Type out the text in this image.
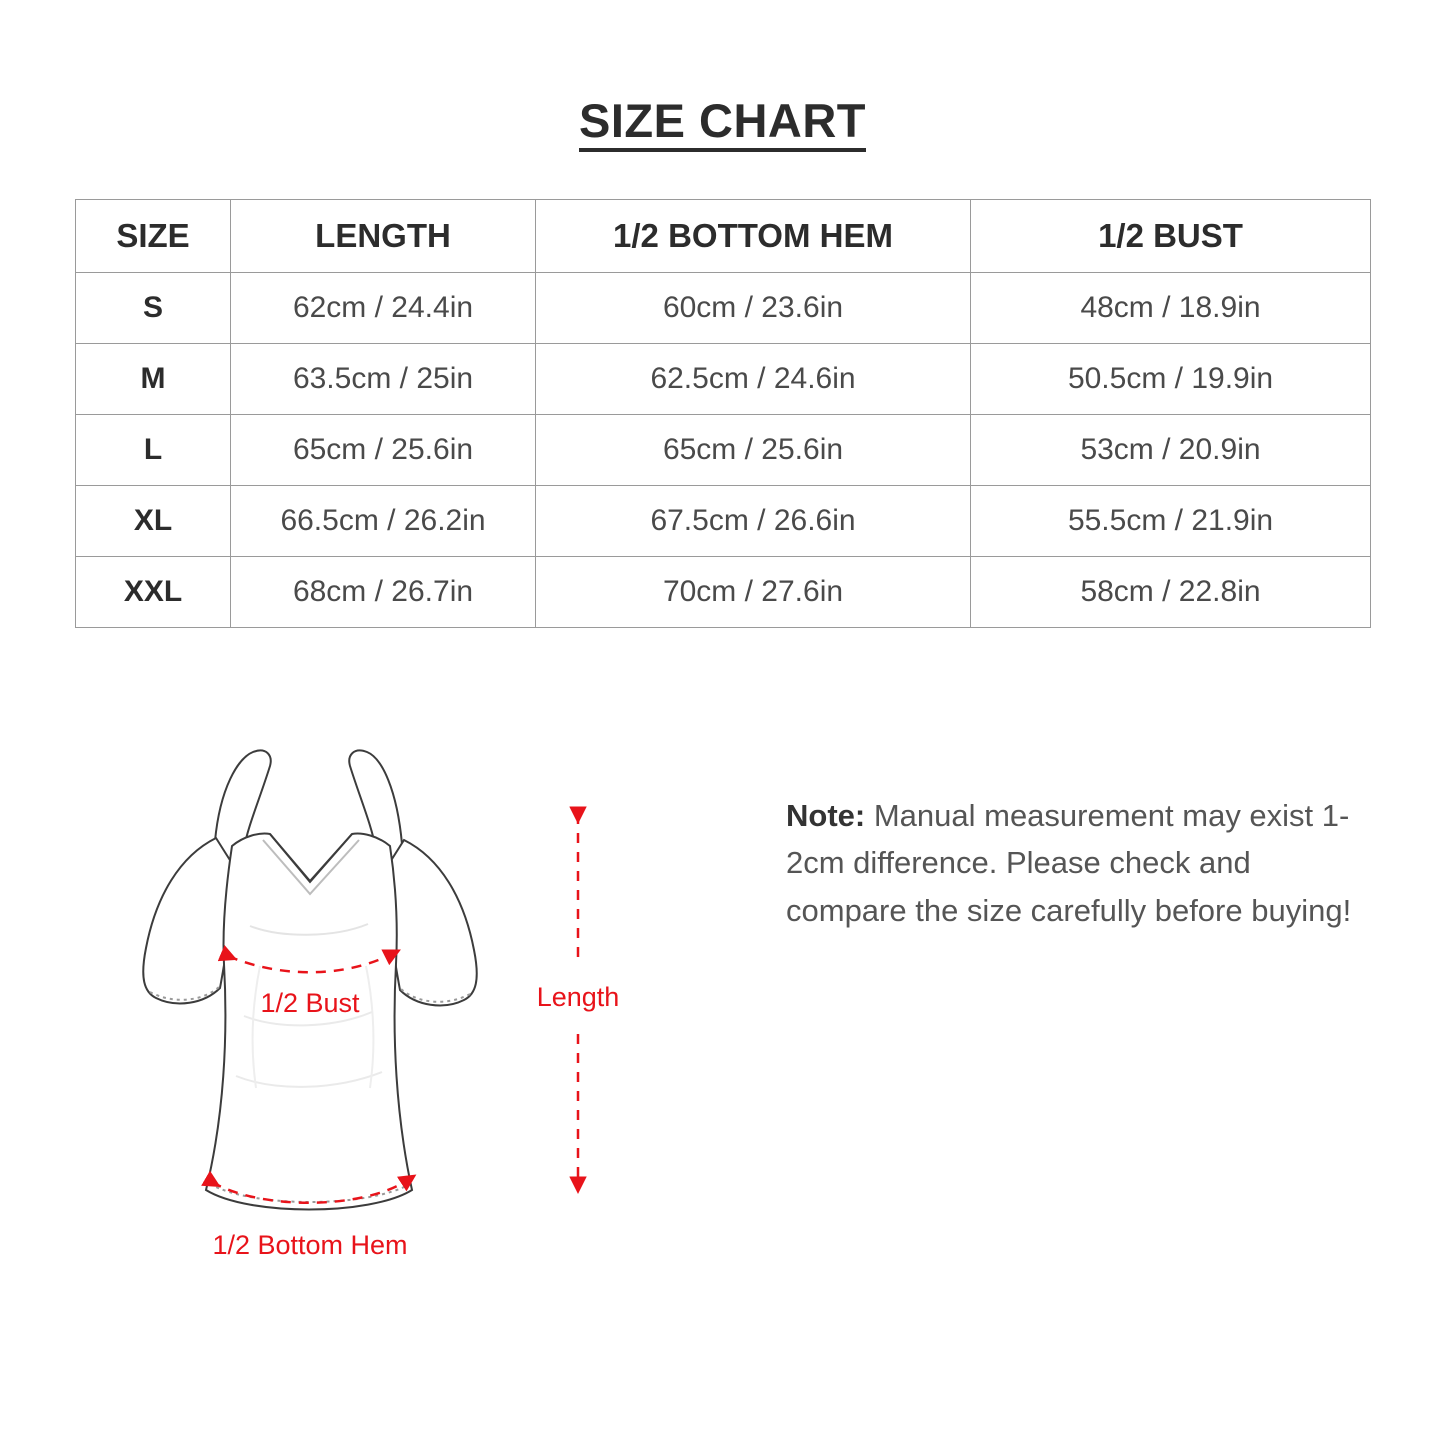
SIZE CHART
SIZE	LENGTH	1/2 BOTTOM HEM	1/2 BUST
S	62cm / 24.4in	60cm / 23.6in	48cm / 18.9in
M	63.5cm / 25in	62.5cm / 24.6in	50.5cm / 19.9in
L	65cm / 25.6in	65cm / 25.6in	53cm / 20.9in
XL	66.5cm / 26.2in	67.5cm / 26.6in	55.5cm / 21.9in
XXL	68cm / 26.7in	70cm / 27.6in	58cm / 22.8in
1/2 Bust
1/2 Bottom Hem
Length
Note: Manual measurement may exist 1-2cm difference. Please check and compare the size carefully before buying!
